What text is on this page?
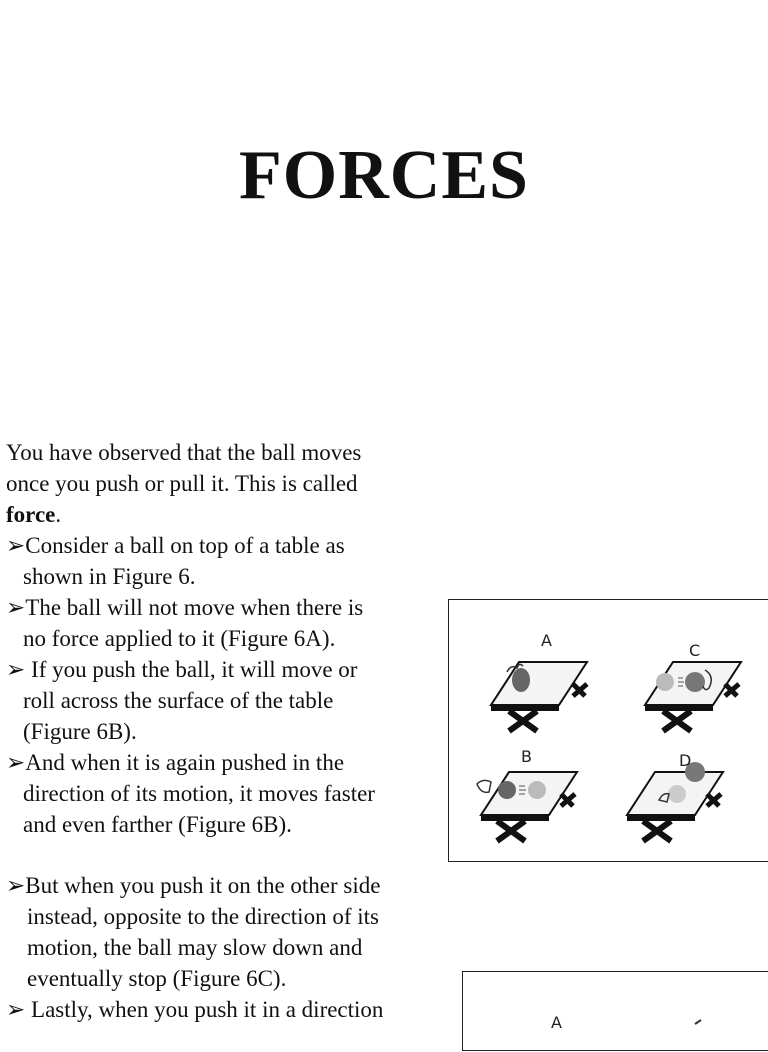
FORCES
You have observed that the ball moves
once you push or pull it. This is called
force.
➢Consider a ball on top of a table as
shown in Figure 6.
➢The ball will not move when there is
no force applied to it (Figure 6A).
➢ If you push the ball, it will move or
roll across the surface of the table
(Figure 6B).
➢And when it is again pushed in the
direction of its motion, it moves faster
and even farther (Figure 6B).
➢But when you push it on the other side
instead, opposite to the direction of its
motion, the ball may slow down and
eventually stop (Figure 6C).
➢ Lastly, when you push it in a direction
A
C
B	D
A
